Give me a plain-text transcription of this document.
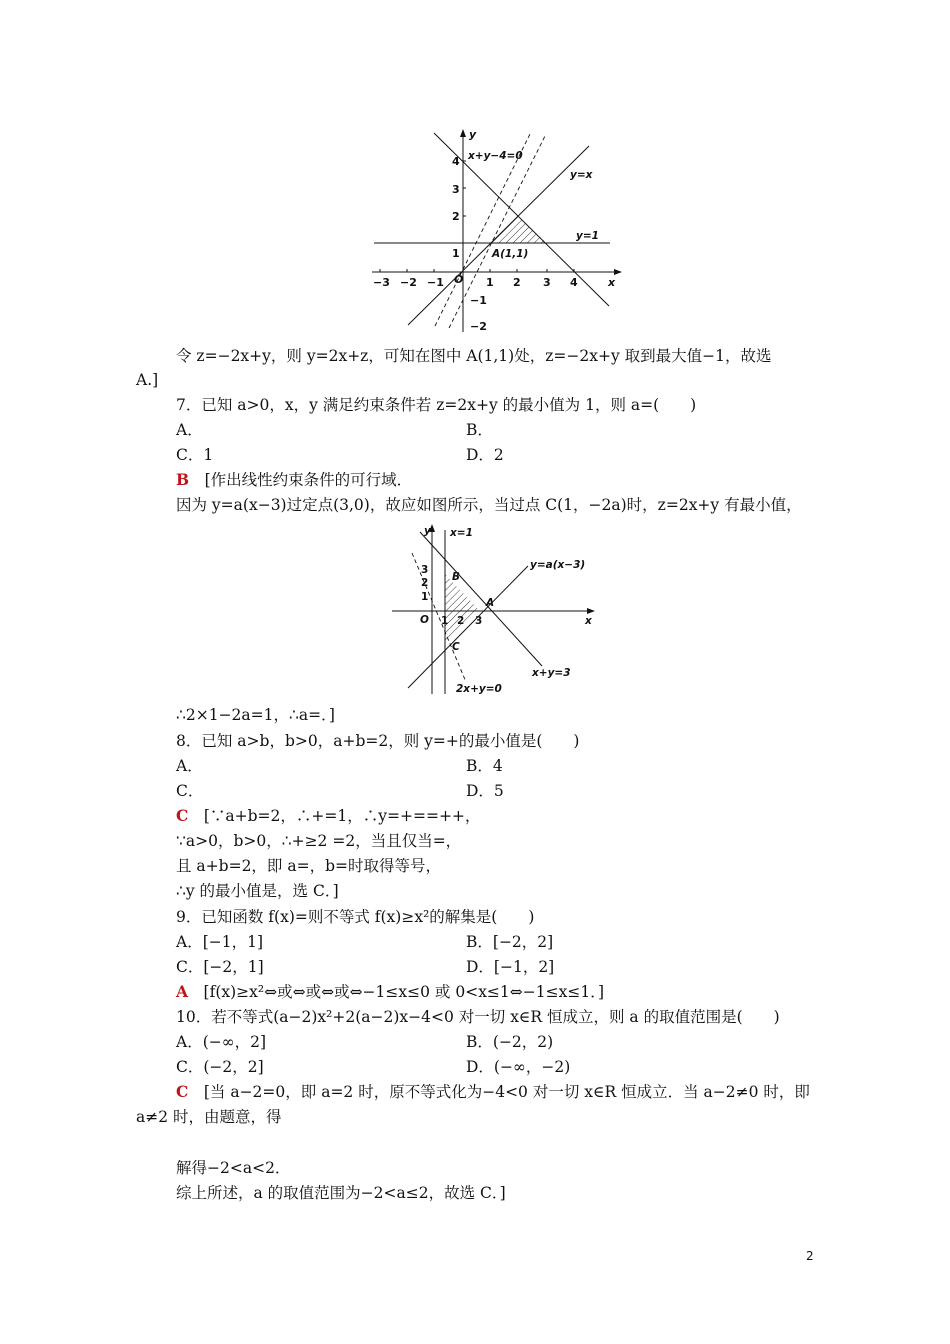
y
x
O
−3 −2 −1	1 2 3 4
4
3
2
1
−1
−2
x+y−4=0
y=x
y=1
A(1,1)
令 z=−2x+y，则 y=2x+z，可知在图中 A(1,1)处，z=−2x+y 取到最大值−1，故选
A.]
7．已知 a>0，x，y 满足约束条件若 z=2x+y 的最小值为 1，则 a=(　　)
A．	B．
C．1	D．2
B　 [作出线性约束条件的可行域．
因为 y=a(x−3)过定点(3,0)，故应如图所示，当过点 C(1，−2a)时，z=2x+y 有最小值，
y
x
O 1 2 3
3
2
1
x=1
y=a(x−3)
x+y=3
2x+y=0
A
B
C
∴2×1−2a=1，∴a=．]
8．已知 a>b，b>0，a+b=2，则 y=+的最小值是(　　)
A．	B．4
C．	D．5
C　 [∵a+b=2，∴+=1，∴y=+==++，
∵a>0，b>0，∴+≥2 =2，当且仅当=，
且 a+b=2，即 a=，b=时取得等号，
∴y 的最小值是，选 C．]
9．已知函数 f(x)=则不等式 f(x)≥x²的解集是(　　)
A．[−1，1]	B．[−2，2]
C．[−2，1]	D．[−1，2]
A　 [f(x)≥x²⇔或⇔或⇔或⇔−1≤x≤0 或 0<x≤1⇔−1≤x≤1．]
10．若不等式(a−2)x²+2(a−2)x−4<0 对一切 x∈R 恒成立，则 a 的取值范围是(　　)
A．(−∞，2]	B．(−2，2)
C．(−2，2]	D．(−∞，−2)
C　 [当 a−2=0，即 a=2 时，原不等式化为−4<0 对一切 x∈R 恒成立．当 a−2≠0 时，即
a≠2 时，由题意，得
解得−2<a<2．
综上所述，a 的取值范围为−2<a≤2，故选 C．]
2
